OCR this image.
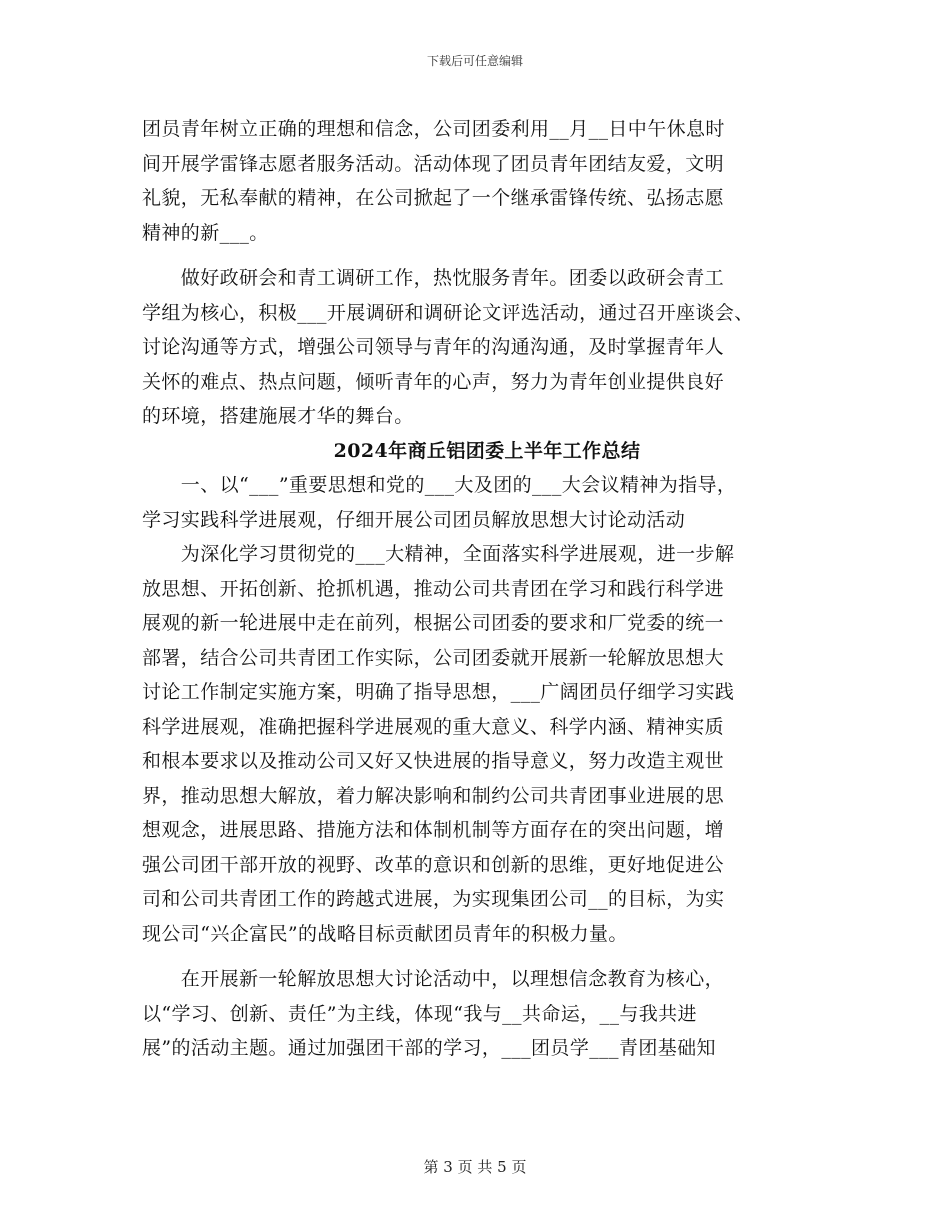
下载后可任意编辑
团员青年树立正确的理想和信念，公司团委利用__月__日中午休息时
间开展学雷锋志愿者服务活动。活动体现了团员青年团结友爱，文明
礼貌，无私奉献的精神，在公司掀起了一个继承雷锋传统、弘扬志愿
精神的新___。
　　做好政研会和青工调研工作，热忱服务青年。团委以政研会青工
学组为核心，积极___开展调研和调研论文评选活动，通过召开座谈会、
讨论沟通等方式，增强公司领导与青年的沟通沟通，及时掌握青年人
关怀的难点、热点问题，倾听青年的心声，努力为青年创业提供良好
的环境，搭建施展才华的舞台。
2024年商丘铝团委上半年工作总结
　　一、以“___”重要思想和党的___大及团的___大会议精神为指导，
学习实践科学进展观，仔细开展公司团员解放思想大讨论动活动
　　为深化学习贯彻党的___大精神，全面落实科学进展观，进一步解
放思想、开拓创新、抢抓机遇，推动公司共青团在学习和践行科学进
展观的新一轮进展中走在前列，根据公司团委的要求和厂党委的统一
部署，结合公司共青团工作实际，公司团委就开展新一轮解放思想大
讨论工作制定实施方案，明确了指导思想，___广阔团员仔细学习实践
科学进展观，准确把握科学进展观的重大意义、科学内涵、精神实质
和根本要求以及推动公司又好又快进展的指导意义，努力改造主观世
界，推动思想大解放，着力解决影响和制约公司共青团事业进展的思
想观念，进展思路、措施方法和体制机制等方面存在的突出问题，增
强公司团干部开放的视野、改革的意识和创新的思维，更好地促进公
司和公司共青团工作的跨越式进展，为实现集团公司__的目标，为实
现公司“兴企富民”的战略目标贡献团员青年的积极力量。
　　在开展新一轮解放思想大讨论活动中，以理想信念教育为核心，
以“学习、创新、责任”为主线，体现“我与__共命运，__与我共进
展”的活动主题。通过加强团干部的学习，___团员学___青团基础知
第 3 页 共 5 页
